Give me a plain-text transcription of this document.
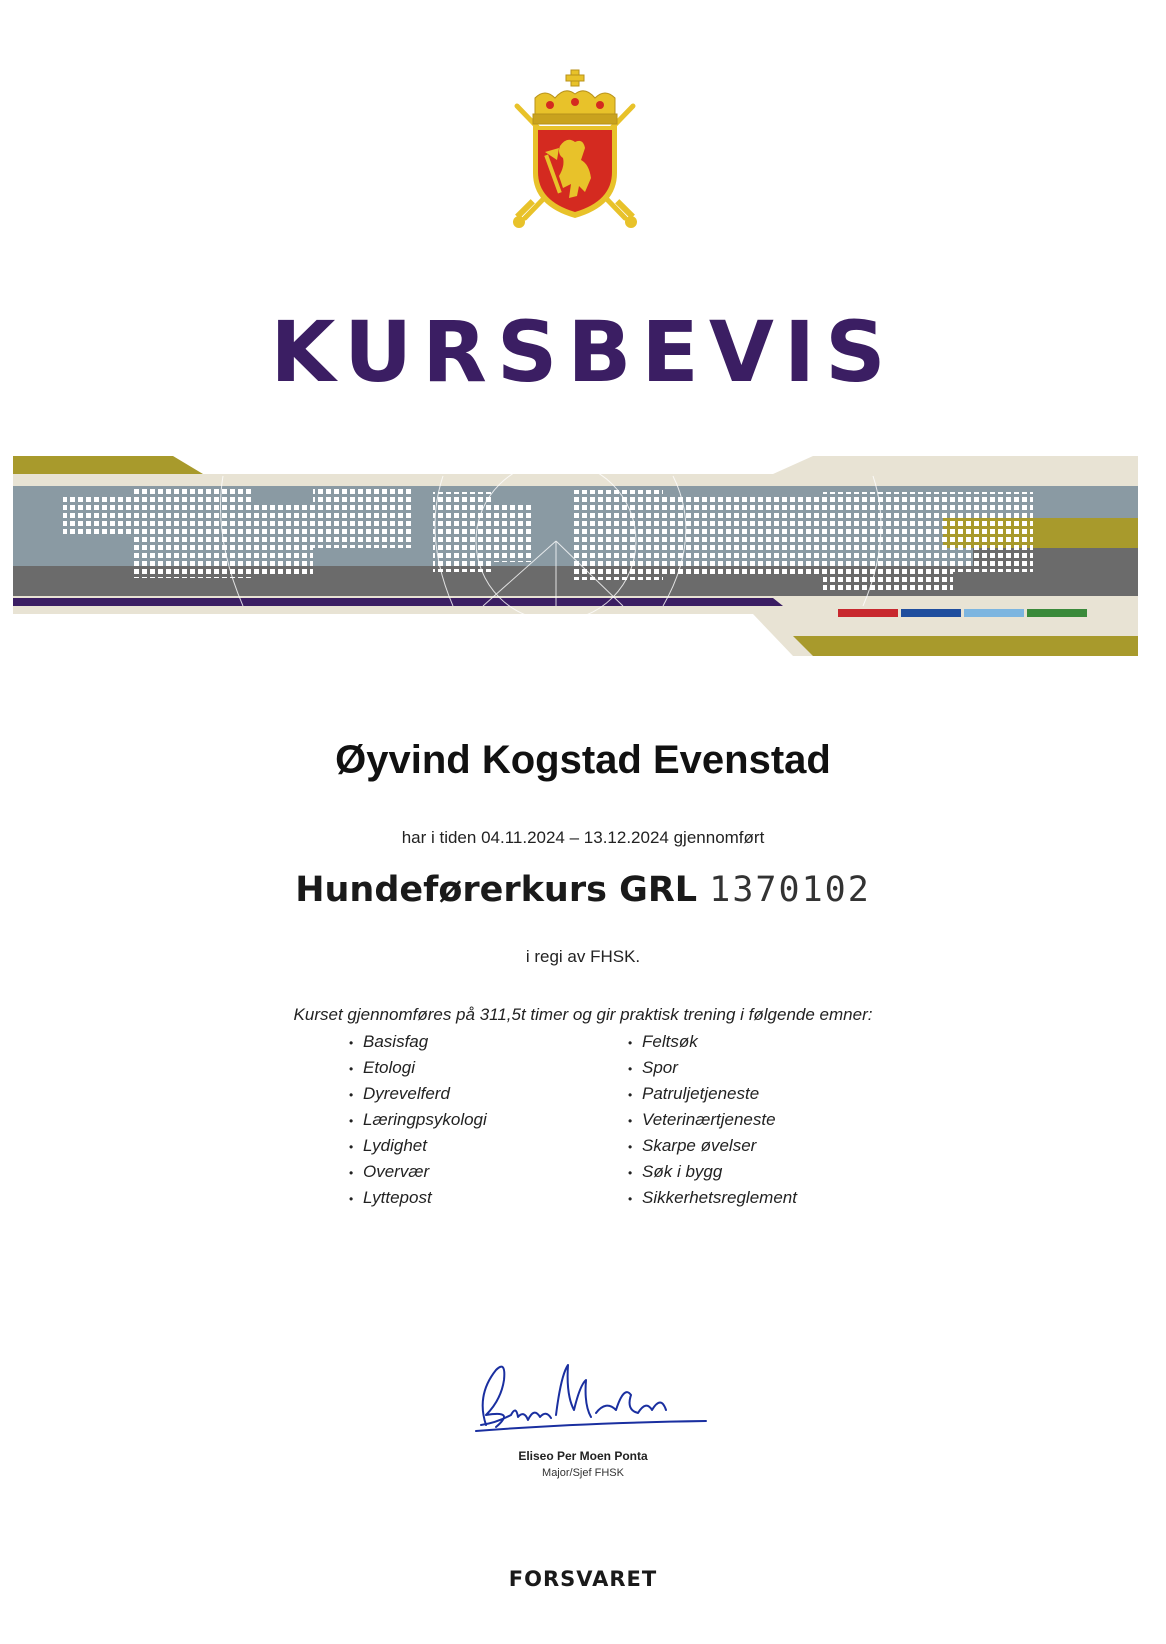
KURSBEVIS
Øyvind Kogstad Evenstad
har i tiden 04.11.2024 – 13.12.2024 gjennomført
Hundeførerkurs GRL 1370102
i regi av FHSK.
Kurset gjennomføres på 311,5t timer og gir praktisk trening i følgende emner:
• Basisfag
• Etologi
• Dyrevelferd
• Læringpsykologi
• Lydighet
• Overvær
• Lyttepost
• Feltsøk
• Spor
• Patruljetjeneste
• Veterinærtjeneste
• Skarpe øvelser
• Søk i bygg
• Sikkerhetsreglement
Eliseo Per Moen Ponta
Major/Sjef FHSK
FORSVARET
